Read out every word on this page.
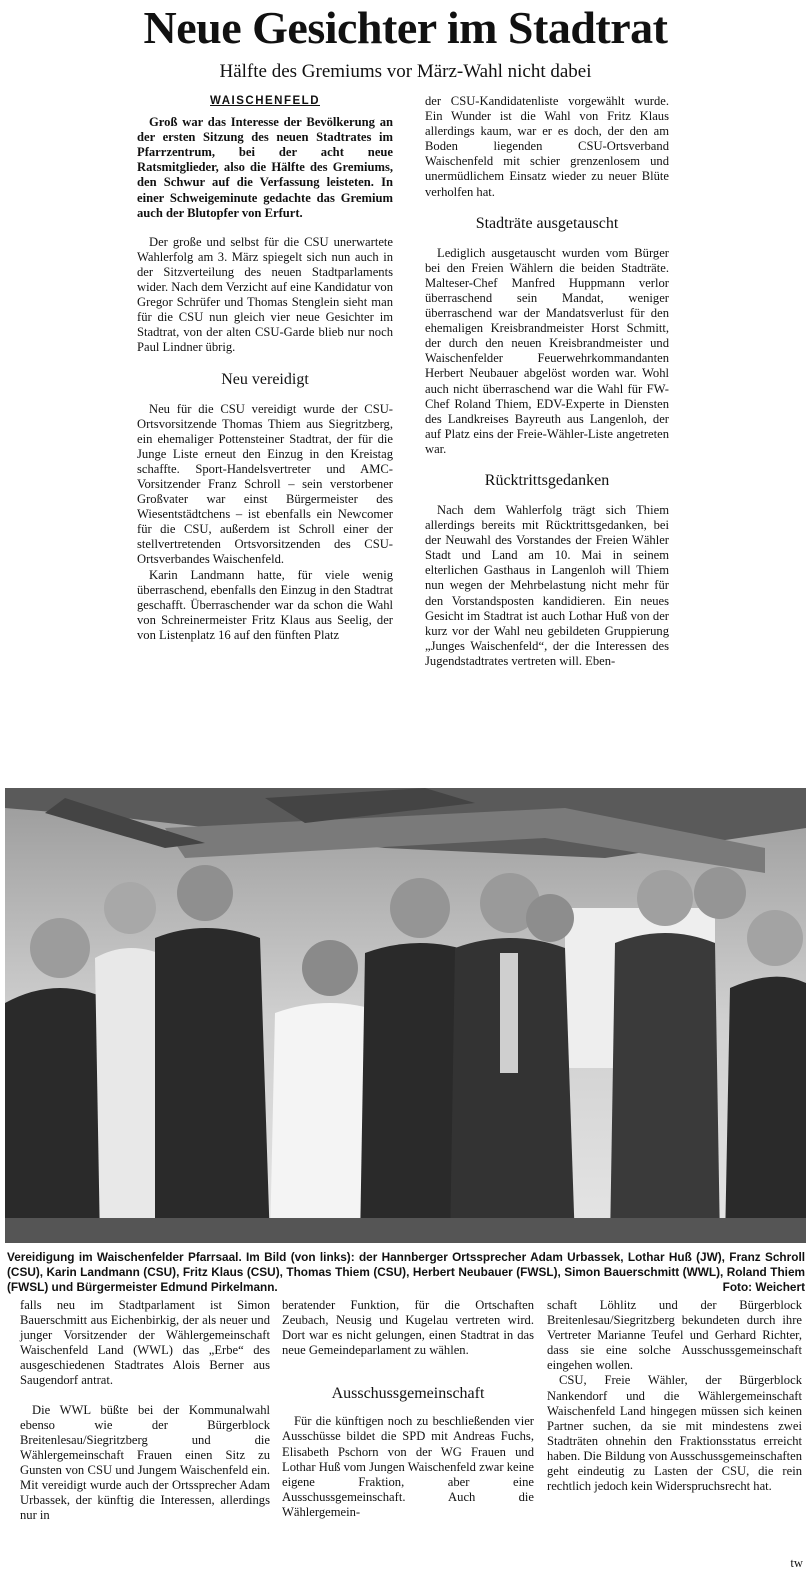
Neue Gesichter im Stadtrat
Hälfte des Gremiums vor März-Wahl nicht dabei
WAISCHENFELD

Groß war das Interesse der Bevölkerung an der ersten Sitzung des neuen Stadtrates im Pfarrzentrum, bei der acht neue Ratsmitglieder, also die Hälfte des Gremiums, den Schwur auf die Verfassung leisteten. In einer Schweigeminute gedachte das Gremium auch der Blutopfer von Erfurt.

Der große und selbst für die CSU unerwartete Wahlerfolg am 3. März spiegelt sich nun auch in der Sitzverteilung des neuen Stadtparlaments wider. Nach dem Verzicht auf eine Kandidatur von Gregor Schrüfer und Thomas Stenglein sieht man für die CSU nun gleich vier neue Gesichter im Stadtrat, von der alten CSU-Garde blieb nur noch Paul Lindner übrig.

Neu vereidigt

Neu für die CSU vereidigt wurde der CSU-Ortsvorsitzende Thomas Thiem aus Siegritzberg, ein ehemaliger Pottensteiner Stadtrat, der für die Junge Liste erneut den Einzug in den Kreistag schaffte. Sport-Handelsvertreter und AMC-Vorsitzender Franz Schroll – sein verstorbener Großvater war einst Bürgermeister des Wiesentstädtchens – ist ebenfalls ein Newcomer für die CSU, außerdem ist Schroll einer der stellvertretenden Ortsvorsitzenden des CSU-Ortsverbandes Waischenfeld.

Karin Landmann hatte, für viele wenig überraschend, ebenfalls den Einzug in den Stadtrat geschafft. Überraschender war da schon die Wahl von Schreinermeister Fritz Klaus aus Seelig, der von Listenplatz 16 auf den fünften Platz

der CSU-Kandidatenliste vorgewählt wurde. Ein Wunder ist die Wahl von Fritz Klaus allerdings kaum, war er es doch, der den am Boden liegenden CSU-Ortsverband Waischenfeld mit schier grenzenlosem und unermüdlichem Einsatz wieder zu neuer Blüte verholfen hat.

Stadträte ausgetauscht

Lediglich ausgetauscht wurden vom Bürger bei den Freien Wählern die beiden Stadträte. Malteser-Chef Manfred Huppmann verlor überraschend sein Mandat, weniger überraschend war der Mandatsverlust für den ehemaligen Kreisbrandmeister Horst Schmitt, der durch den neuen Kreisbrandmeister und Waischenfelder Feuerwehrkommandanten Herbert Neubauer abgelöst worden war. Wohl auch nicht überraschend war die Wahl für FW-Chef Roland Thiem, EDV-Experte in Diensten des Landkreises Bayreuth aus Langenloh, der auf Platz eins der Freie-Wähler-Liste angetreten war.

Rücktrittsgedanken

Nach dem Wahlerfolg trägt sich Thiem allerdings bereits mit Rücktrittsgedanken, bei der Neuwahl des Vorstandes der Freien Wähler Stadt und Land am 10. Mai in seinem elterlichen Gasthaus in Langenloh will Thiem nun wegen der Mehrbelastung nicht mehr für den Vorstandsposten kandidieren. Ein neues Gesicht im Stadtrat ist auch Lothar Huß von der kurz vor der Wahl neu gebildeten Gruppierung „Junges Waischenfeld“, der die Interessen des Jugendstadtrates vertreten will. Eben-

Vereidigung im Waischenfelder Pfarrsaal. Im Bild (von links): der Hannberger Ortssprecher Adam Urbassek, Lothar Huß (JW), Franz Schroll (CSU), Karin Landmann (CSU), Fritz Klaus (CSU), Thomas Thiem (CSU), Herbert Neubauer (FWSL), Simon Bauerschmitt (WWL), Roland Thiem (FWSL) und Bürgermeister Edmund Pirkelmann.	Foto: Weichert

falls neu im Stadtparlament ist Simon Bauerschmitt aus Eichenbirkig, der als neuer und junger Vorsitzender der Wählergemeinschaft Waischenfeld Land (WWL) das „Erbe“ des ausgeschiedenen Stadtrates Alois Berner aus Saugendorf antrat.

Die WWL büßte bei der Kommunalwahl ebenso wie der Bürgerblock Breitenlesau/Siegritzberg und die Wählergemeinschaft Frauen einen Sitz zu Gunsten von CSU und Jungem Waischenfeld ein. Mit vereidigt wurde auch der Ortssprecher Adam Urbassek, der künftig die Interessen, allerdings nur in

beratender Funktion, für die Ortschaften Zeubach, Neusig und Kugelau vertreten wird. Dort war es nicht gelungen, einen Stadtrat in das neue Gemeindeparlament zu wählen.

Ausschussgemeinschaft

Für die künftigen noch zu beschließenden vier Ausschüsse bildet die SPD mit Andreas Fuchs, Elisabeth Pschorn von der WG Frauen und Lothar Huß vom Jungen Waischenfeld zwar keine eigene Fraktion, aber eine Ausschussgemeinschaft. Auch die Wählergemein-

schaft Löhlitz und der Bürgerblock Breitenlesau/Siegritzberg bekundeten durch ihre Vertreter Marianne Teufel und Gerhard Richter, dass sie eine solche Ausschussgemeinschaft eingehen wollen.

CSU, Freie Wähler, der Bürgerblock Nankendorf und die Wählergemeinschaft Waischenfeld Land hingegen müssen sich keinen Partner suchen, da sie mit mindestens zwei Stadträten ohnehin den Fraktionsstatus erreicht haben. Die Bildung von Ausschussgemeinschaften geht eindeutig zu Lasten der CSU, die rein rechtlich jedoch kein Widerspruchsrecht hat.

tw
